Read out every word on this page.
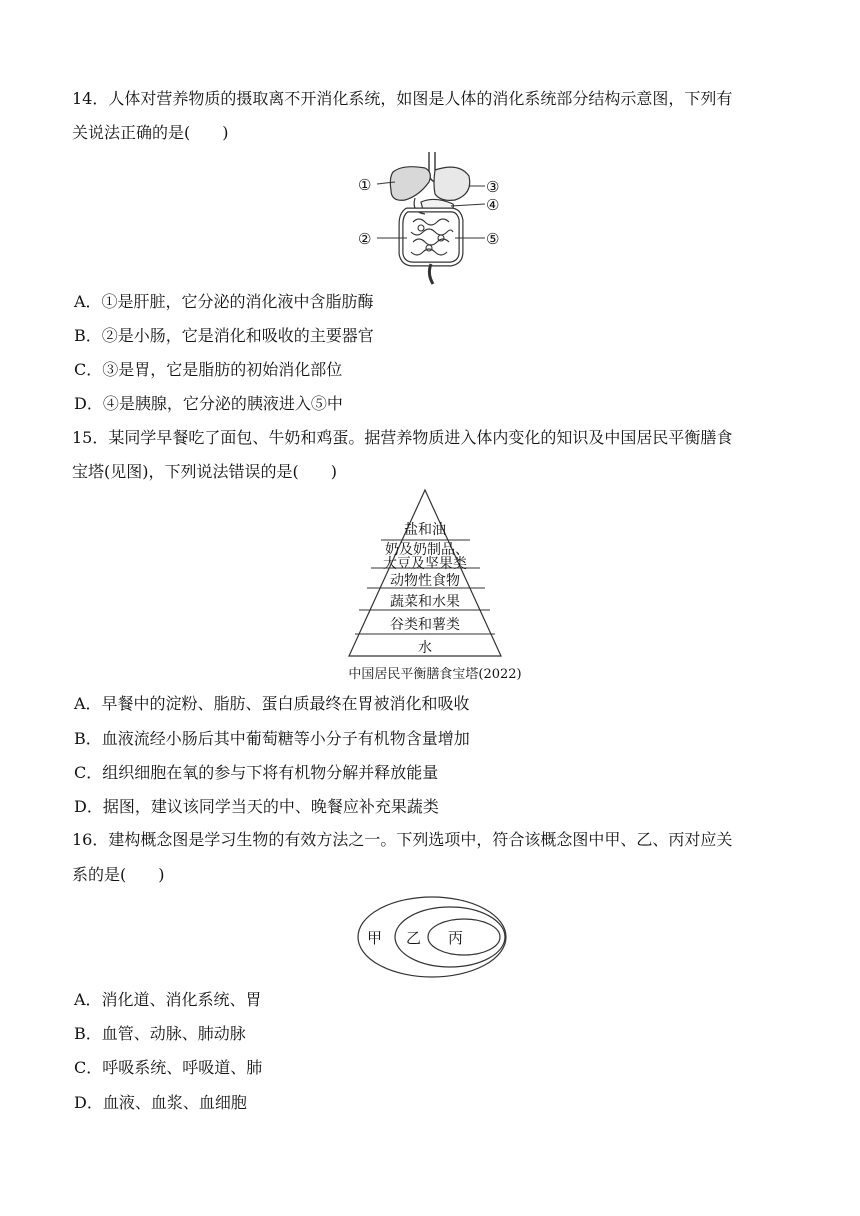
14．人体对营养物质的摄取离不开消化系统，如图是人体的消化系统部分结构示意图，下列有
关说法正确的是(　　)
①
②
③
④
⑤
A．①是肝脏，它分泌的消化液中含脂肪酶
B．②是小肠，它是消化和吸收的主要器官
C．③是胃，它是脂肪的初始消化部位
D．④是胰腺，它分泌的胰液进入⑤中
15．某同学早餐吃了面包、牛奶和鸡蛋。据营养物质进入体内变化的知识及中国居民平衡膳食
宝塔(见图)，下列说法错误的是(　　)
盐和油
奶及奶制品、
大豆及坚果类
动物性食物
蔬菜和水果
谷类和薯类
水
中国居民平衡膳食宝塔(2022)
A．早餐中的淀粉、脂肪、蛋白质最终在胃被消化和吸收
B．血液流经小肠后其中葡萄糖等小分子有机物含量增加
C．组织细胞在氧的参与下将有机物分解并释放能量
D．据图，建议该同学当天的中、晚餐应补充果蔬类
16．建构概念图是学习生物的有效方法之一。下列选项中，符合该概念图中甲、乙、丙对应关
系的是(　　)
甲 乙 丙
A．消化道、消化系统、胃
B．血管、动脉、肺动脉
C．呼吸系统、呼吸道、肺
D．血液、血浆、血细胞
